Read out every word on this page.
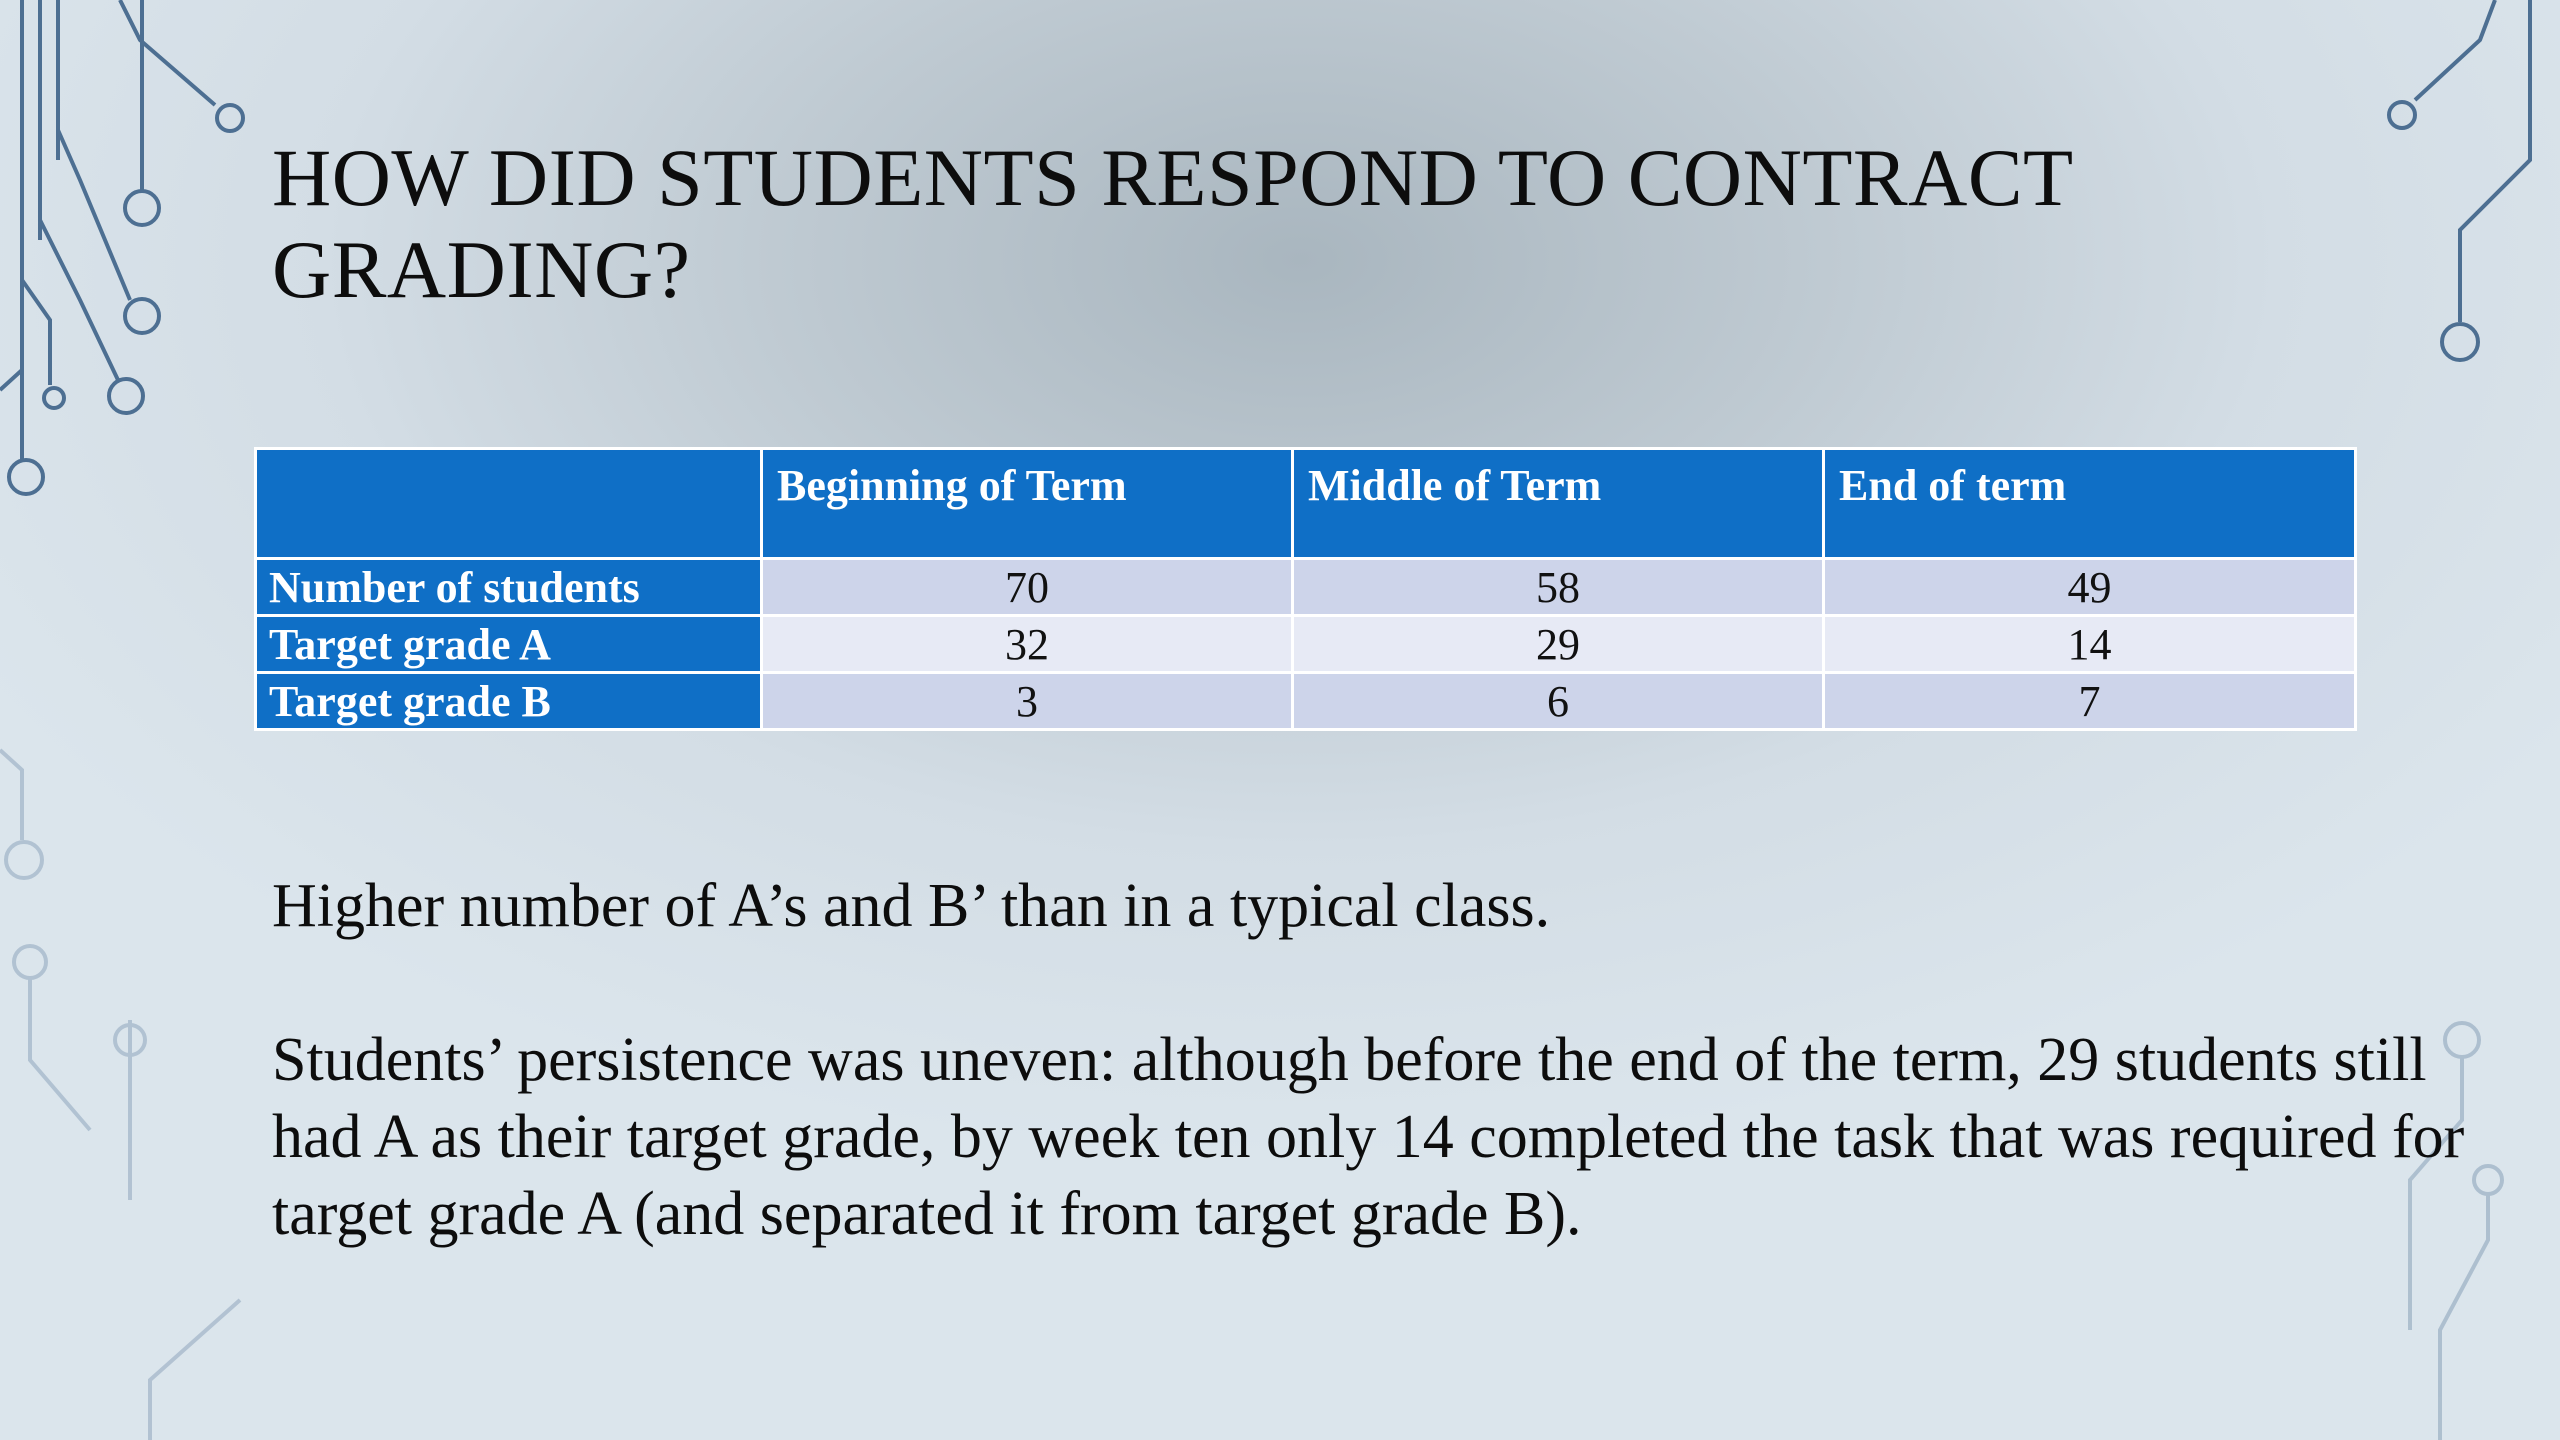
HOW DID STUDENTS RESPOND TO CONTRACT GRADING?
	Beginning of Term	Middle of Term	End of term
Number of students	70	58	49
Target grade A	32	29	14
Target grade B	3	6	7

Higher number of A’s and B’ than in a typical class.

Students’ persistence was uneven: although before the end of the term, 29 students still had A as their target grade, by week ten only 14 completed the task that was required for target grade A (and separated it from target grade B).
